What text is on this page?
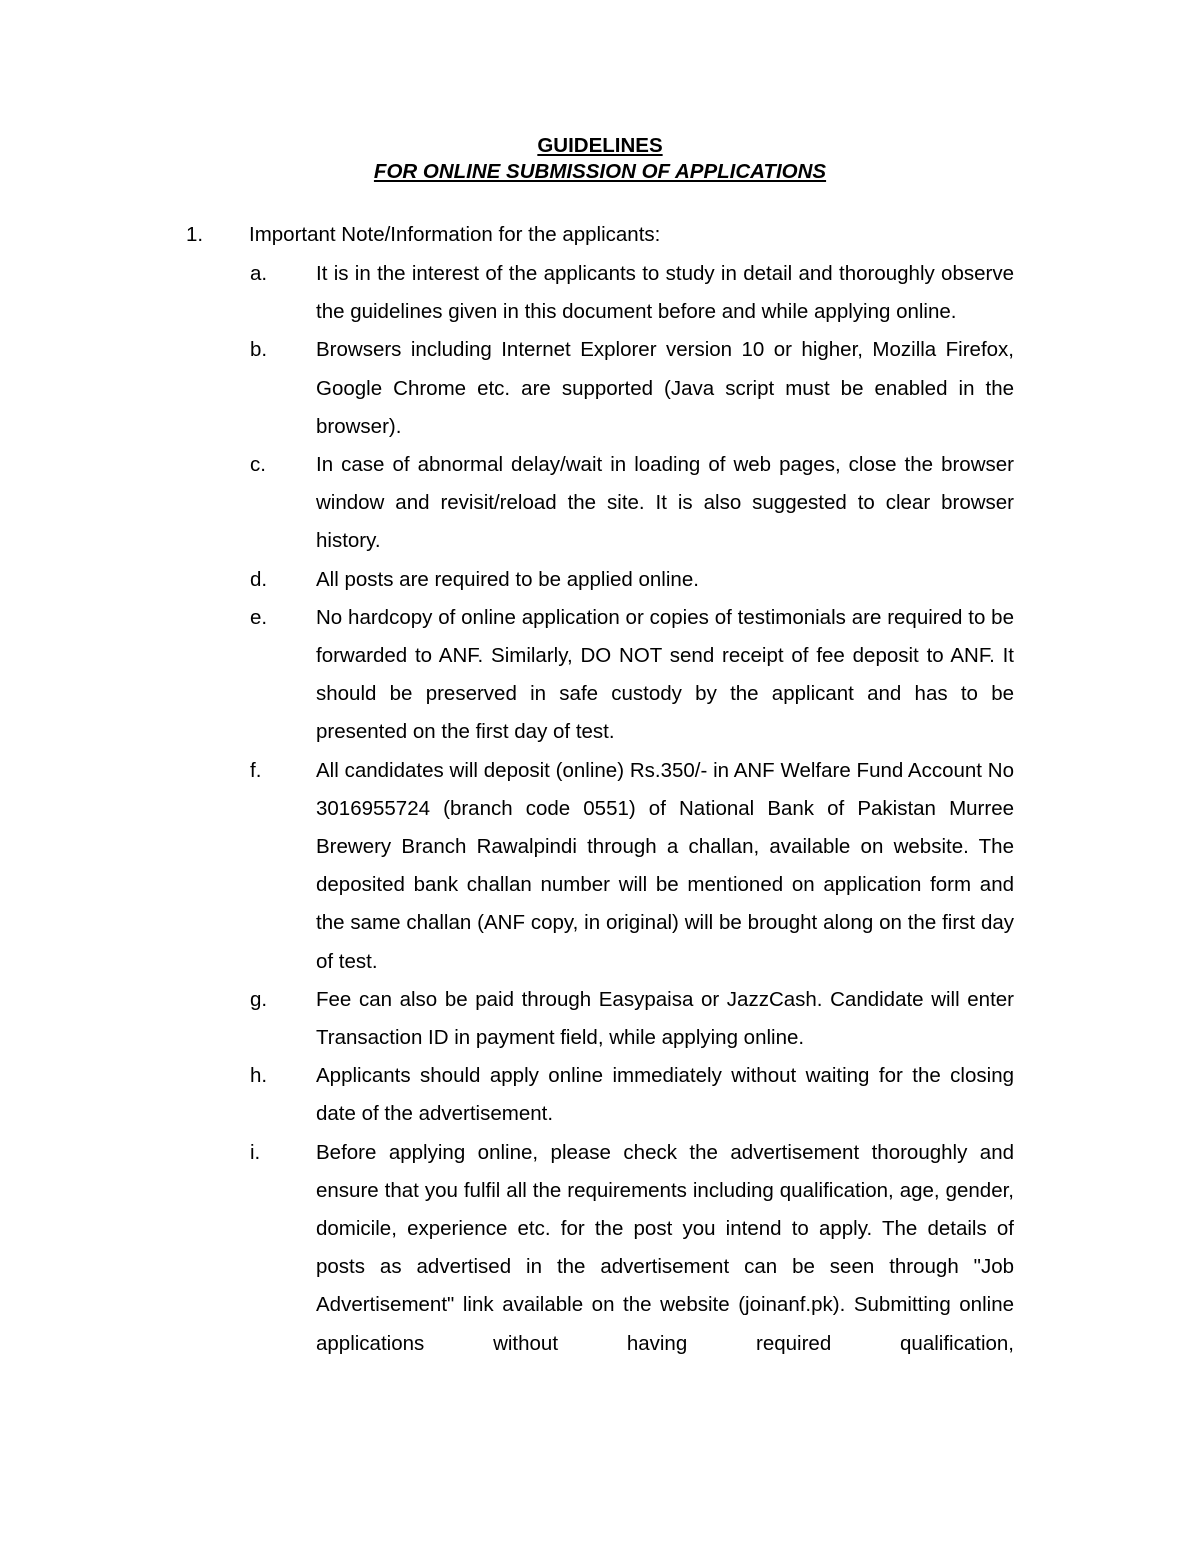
GUIDELINES
FOR ONLINE SUBMISSION OF APPLICATIONS
1. Important Note/Information for the applicants:
a. It is in the interest of the applicants to study in detail and thoroughly observe the guidelines given in this document before and while applying online.
b. Browsers including Internet Explorer version 10 or higher, Mozilla Firefox, Google Chrome etc. are supported (Java script must be enabled in the browser).
c. In case of abnormal delay/wait in loading of web pages, close the browser window and revisit/reload the site. It is also suggested to clear browser history.
d. All posts are required to be applied online.
e. No hardcopy of online application or copies of testimonials are required to be forwarded to ANF. Similarly, DO NOT send receipt of fee deposit to ANF. It should be preserved in safe custody by the applicant and has to be presented on the first day of test.
f.	All candidates will deposit (online) Rs.350/- in ANF Welfare Fund Account No 3016955724 (branch code 0551) of National Bank of Pakistan Murree Brewery Branch Rawalpindi through a challan, available on website. The deposited bank challan number will be mentioned on application form and the same challan (ANF copy, in original) will be brought along on the first day of test.
g. Fee can also be paid through Easypaisa or JazzCash. Candidate will enter Transaction ID in payment field, while applying online.
h. Applicants should apply online immediately without waiting for the closing date of the advertisement.
i.	Before applying online, please check the advertisement thoroughly and ensure that you fulfil all the requirements including qualification, age, gender, domicile, experience etc. for the post you intend to apply. The details of posts as advertised in the advertisement can be seen through "Job Advertisement" link available on the website (joinanf.pk). Submitting online applications without having required qualification,
